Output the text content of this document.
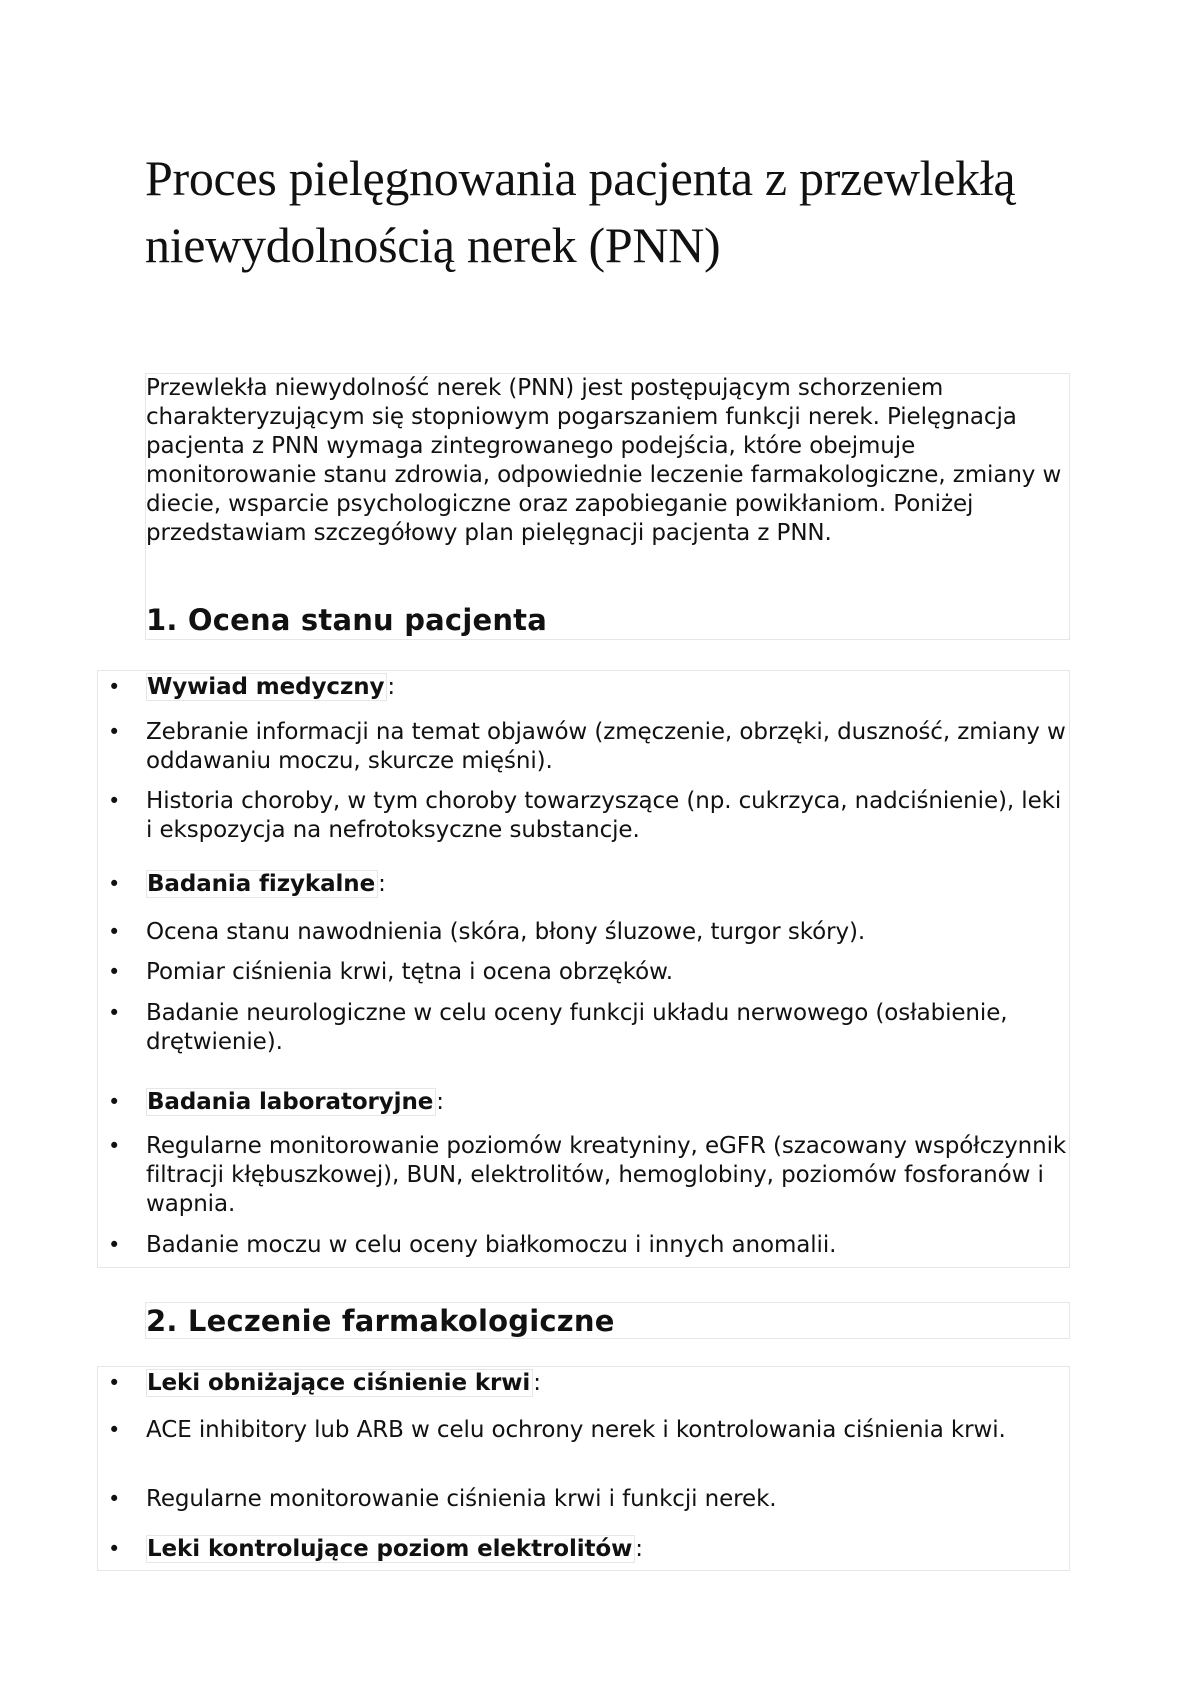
Proces pielęgnowania pacjenta z przewlekłą niewydolnością nerek (PNN)

Przewlekła niewydolność nerek (PNN) jest postępującym schorzeniem charakteryzującym się stopniowym pogarszaniem funkcji nerek. Pielęgnacja pacjenta z PNN wymaga zintegrowanego podejścia, które obejmuje monitorowanie stanu zdrowia, odpowiednie leczenie farmakologiczne, zmiany w diecie, wsparcie psychologiczne oraz zapobieganie powikłaniom. Poniżej przedstawiam szczegółowy plan pielęgnacji pacjenta z PNN.

1. Ocena stanu pacjenta
• Wywiad medyczny :
• Zebranie informacji na temat objawów (zmęczenie, obrzęki, duszność, zmiany w oddawaniu moczu, skurcze mięśni).
• Historia choroby, w tym choroby towarzyszące (np. cukrzyca, nadciśnienie), leki i ekspozycja na nefrotoksyczne substancje.
• Badania fizykalne :
• Ocena stanu nawodnienia (skóra, błony śluzowe, turgor skóry).
• Pomiar ciśnienia krwi, tętna i ocena obrzęków.
• Badanie neurologiczne w celu oceny funkcji układu nerwowego (osłabienie, drętwienie).
• Badania laboratoryjne :
• Regularne monitorowanie poziomów kreatyniny, eGFR (szacowany współczynnik filtracji kłębuszkowej), BUN, elektrolitów, hemoglobiny, poziomów fosforanów i wapnia.
• Badanie moczu w celu oceny białkomoczu i innych anomalii.
2. Leczenie farmakologiczne
• Leki obniżające ciśnienie krwi :
• ACE inhibitory lub ARB w celu ochrony nerek i kontrolowania ciśnienia krwi.
• Regularne monitorowanie ciśnienia krwi i funkcji nerek.
• Leki kontrolujące poziom elektrolitów :
